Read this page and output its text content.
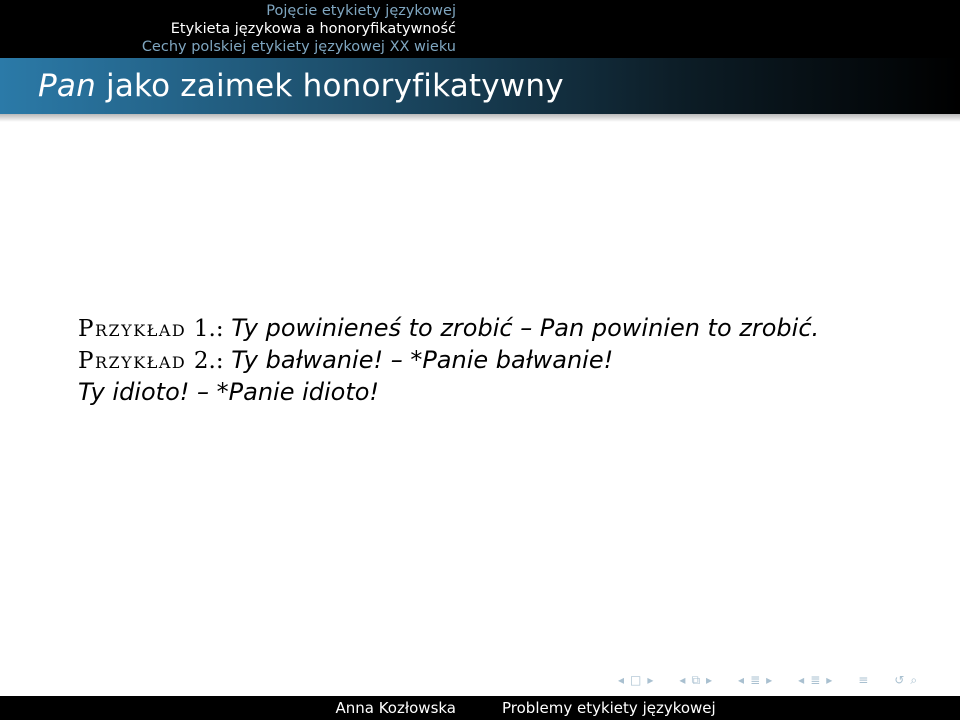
Pojęcie etykiety językowej
Etykieta językowa a honoryfikatywność
Cechy polskiej etykiety językowej XX wieku
Pan jako zaimek honoryfikatywny
Przykład 1.: Ty powinieneś to zrobić – Pan powinien to zrobić.
Przykład 2.: Ty bałwanie! – *Panie bałwanie!
Ty idioto! – *Panie idioto!
◂ □ ▸ ◂ ⧉ ▸ ◂ ≣ ▸ ◂ ≣ ▸ ≡ ↺ ⌕
Anna Kozłowska	Problemy etykiety językowej
